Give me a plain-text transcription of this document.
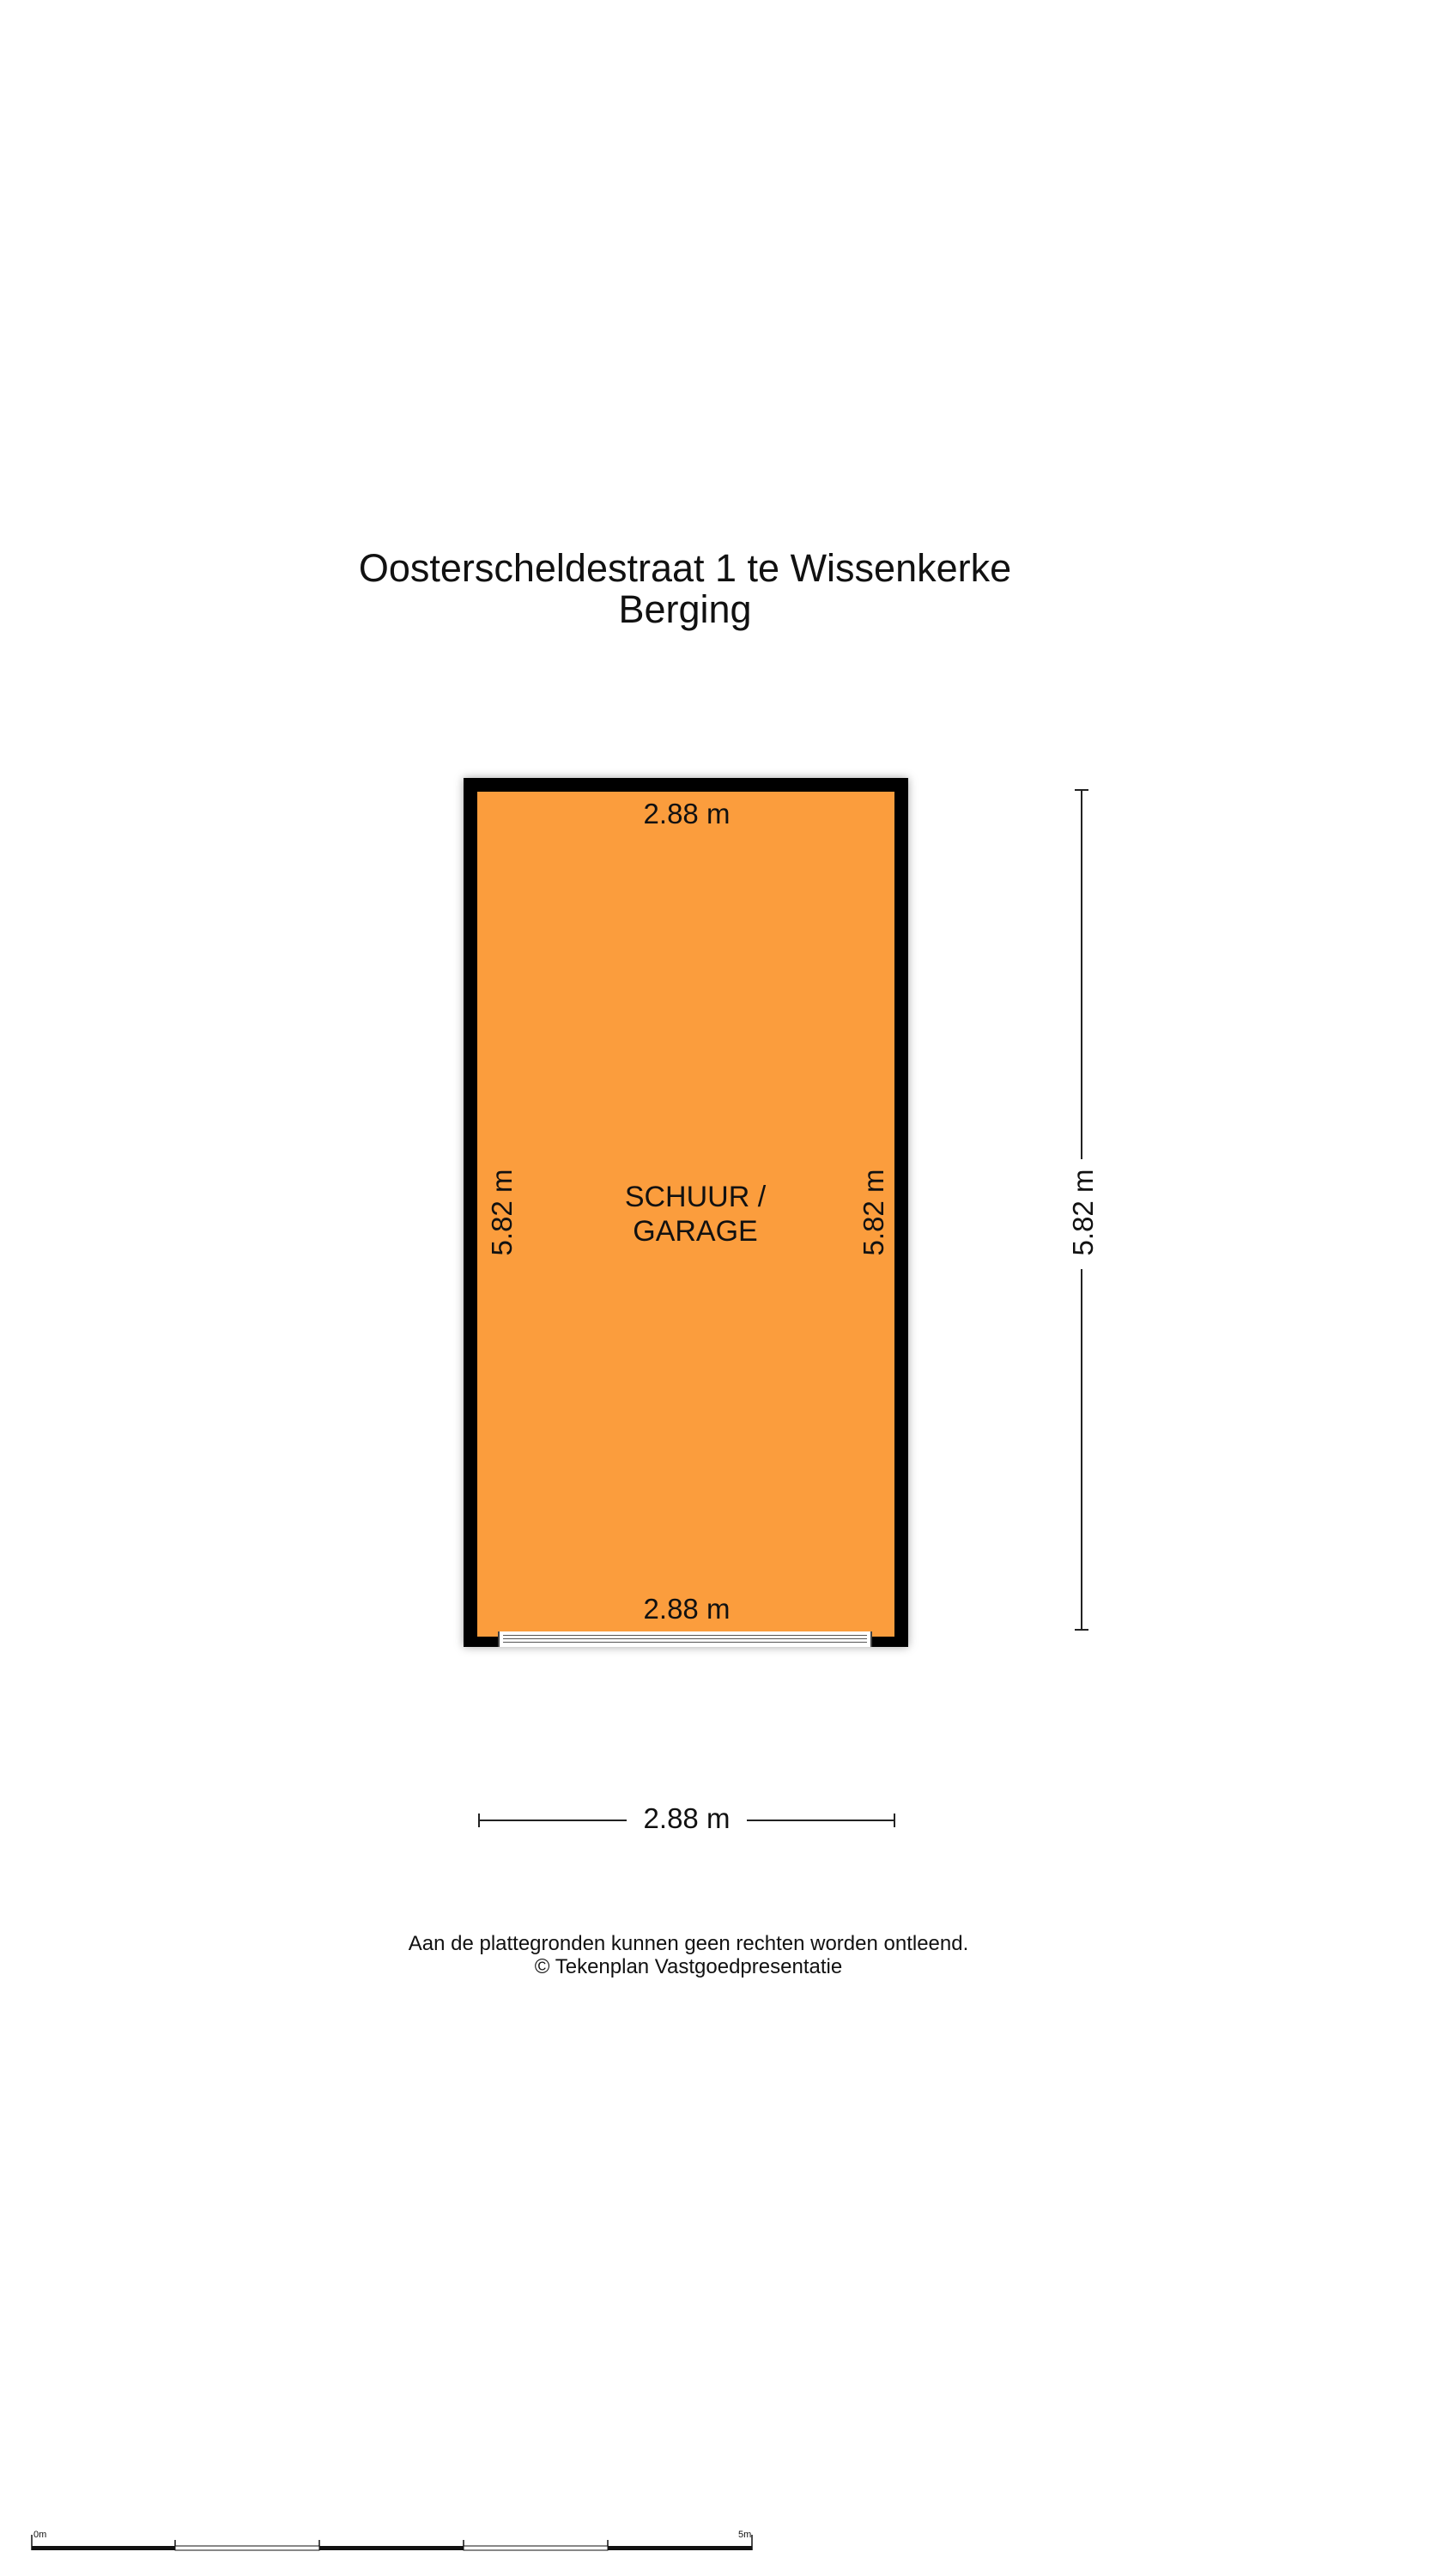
Oosterscheldestraat 1 te Wissenkerke
Berging
2.88 m
2.88 m
5.82 m	5.82 m
SCHUUR /
GARAGE	5.82 m
2.88 m
Aan de plattegronden kunnen geen rechten worden ontleend.
© Tekenplan Vastgoedpresentatie
0m	5m
